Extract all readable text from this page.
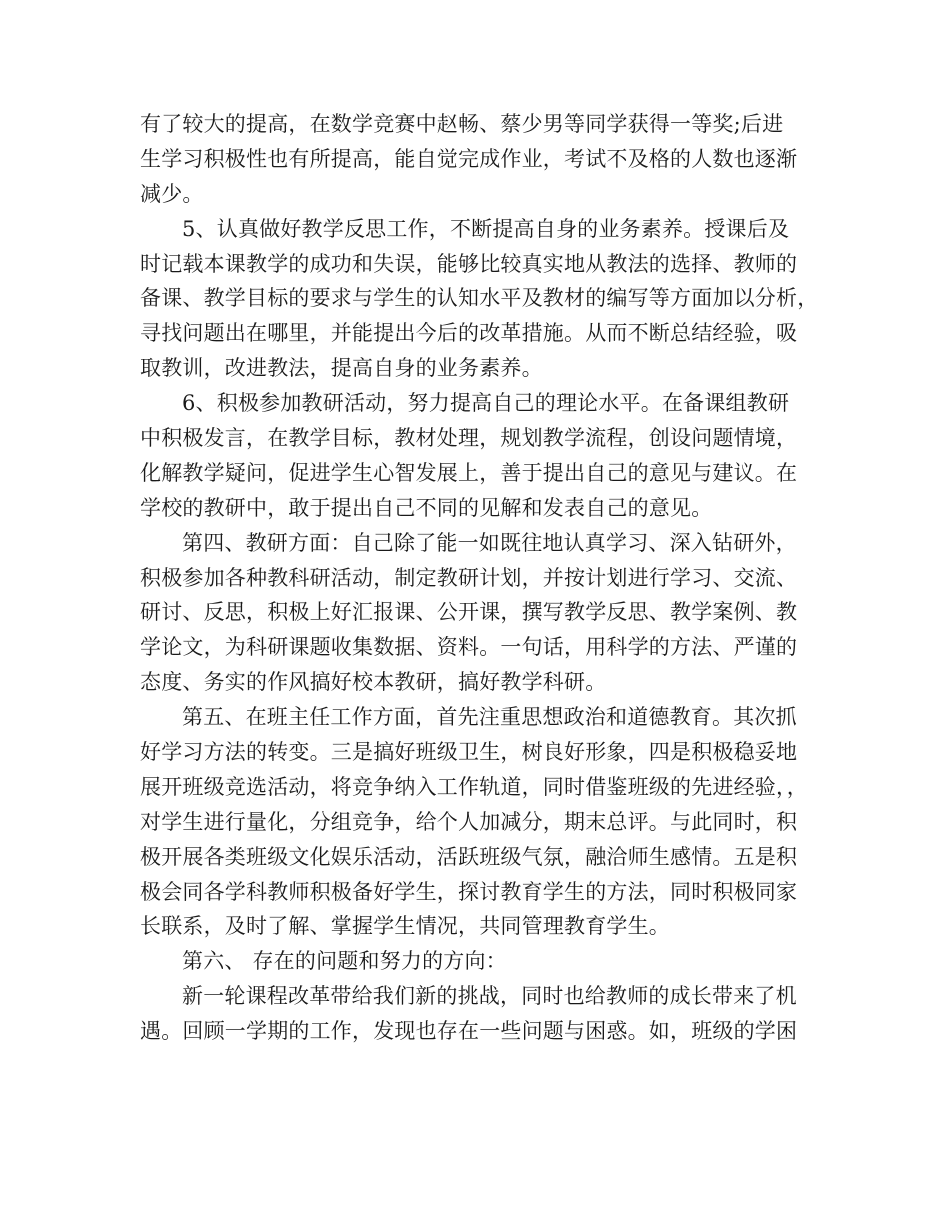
有了较大的提高，在数学竞赛中赵畅、蔡少男等同学获得一等奖;后进
生学习积极性也有所提高，能自觉完成作业，考试不及格的人数也逐渐
减少。
5、认真做好教学反思工作，不断提高自身的业务素养。授课后及
时记载本课教学的成功和失误，能够比较真实地从教法的选择、教师的
备课、教学目标的要求与学生的认知水平及教材的编写等方面加以分析，
寻找问题出在哪里，并能提出今后的改革措施。从而不断总结经验，吸
取教训，改进教法，提高自身的业务素养。
6、积极参加教研活动，努力提高自己的理论水平。在备课组教研
中积极发言，在教学目标，教材处理，规划教学流程，创设问题情境，
化解教学疑问，促进学生心智发展上，善于提出自己的意见与建议。在
学校的教研中，敢于提出自己不同的见解和发表自己的意见。
第四、教研方面：自己除了能一如既往地认真学习、深入钻研外，
积极参加各种教科研活动，制定教研计划，并按计划进行学习、交流、
研讨、反思，积极上好汇报课、公开课，撰写教学反思、教学案例、教
学论文，为科研课题收集数据、资料。一句话，用科学的方法、严谨的
态度、务实的作风搞好校本教研，搞好教学科研。
第五、在班主任工作方面，首先注重思想政治和道德教育。其次抓
好学习方法的转变。三是搞好班级卫生，树良好形象，四是积极稳妥地
展开班级竞选活动，将竞争纳入工作轨道，同时借鉴班级的先进经验，，
对学生进行量化，分组竞争，给个人加减分，期末总评。与此同时，积
极开展各类班级文化娱乐活动，活跃班级气氛，融洽师生感情。五是积
极会同各学科教师积极备好学生，探讨教育学生的方法，同时积极同家
长联系，及时了解、掌握学生情况，共同管理教育学生。
第六、 存在的问题和努力的方向：
新一轮课程改革带给我们新的挑战，同时也给教师的成长带来了机
遇。回顾一学期的工作，发现也存在一些问题与困惑。如，班级的学困
